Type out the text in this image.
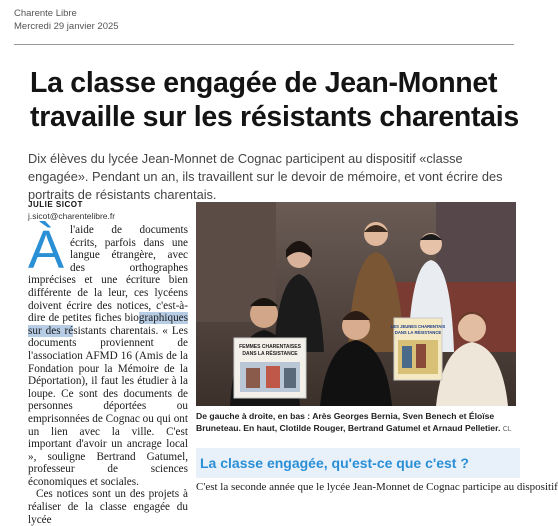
Charente Libre
Mercredi 29 janvier 2025
La classe engagée de Jean-Monnet travaille sur les résistants charentais
Dix élèves du lycée Jean-Monnet de Cognac participent au dispositif «classe engagée». Pendant un an, ils travaillent sur le devoir de mémoire, et vont écrire des portraits de résistants charentais.
JULIE SICOT
j.sicot@charentelibre.fr

Àl'aide de documents écrits, parfois dans une langue étrangère, avec des orthographes imprécises et une écriture bien différente de la leur, ces lycéens doivent écrire des notices, c'est-à-dire de petites fiches biographiques sur des résistants charentais. « Les documents proviennent de l'association AFMD 16 (Amis de la Fondation pour la Mémoire de la Déportation), il faut les étudier à la loupe. Ce sont des documents de personnes déportées ou emprisonnées de Cognac ou qui ont un lien avec la ville. C'est important d'avoir un ancrage local », souligne Bertrand Gatumel, professeur de sciences économiques et sociales.

Ces notices sont un des projets à réaliser de la classe engagée du lycée

FEMMES CHARENTAISES
DANS LA RÉSISTANCE
LES JEUNES CHARENTAIS
DANS LA RÉSISTANCE
De gauche à droite, en bas : Arès Georges Bernia, Sven Benech et Éloïse Bruneteau. En haut, Clotilde Rouger, Bertrand Gatumel et Arnaud Pelletier. CL
La classe engagée, qu'est-ce que c'est ?
C'est la seconde année que le lycée Jean-Monnet de Cognac participe au dispositif
